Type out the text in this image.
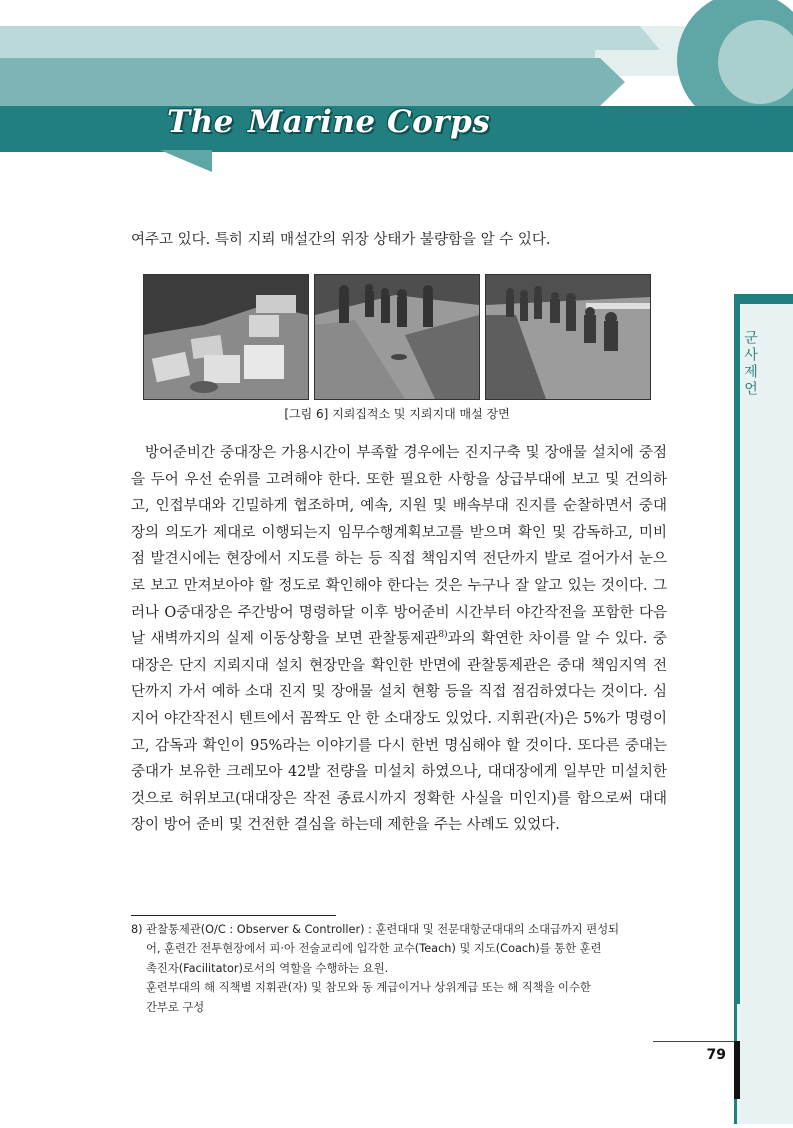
The Marine Corps
여주고 있다. 특히 지뢰 매설간의 위장 상태가 불량함을 알 수 있다.
[그림 6] 지뢰집적소 및 지뢰지대 매설 장면

방어준비간 중대장은 가용시간이 부족할 경우에는 진지구축 및 장애물 설치에 중점을 두어 우선 순위를 고려해야 한다. 또한 필요한 사항을 상급부대에 보고 및 건의하고, 인접부대와 긴밀하게 협조하며, 예속, 지원 및 배속부대 진지를 순찰하면서 중대장의 의도가 제대로 이행되는지 임무수행계획보고를 받으며 확인 및 감독하고, 미비점 발견시에는 현장에서 지도를 하는 등 직접 책임지역 전단까지 발로 걸어가서 눈으로 보고 만져보아야 할 정도로 확인해야 한다는 것은 누구나 잘 알고 있는 것이다. 그러나 O중대장은 주간방어 명령하달 이후 방어준비 시간부터 야간작전을 포함한 다음날 새벽까지의 실제 이동상황을 보면 관찰통제관$^{8)}$과의 확연한 차이를 알 수 있다. 중대장은 단지 지뢰지대 설치 현장만을 확인한 반면에 관찰통제관은 중대 책임지역 전단까지 가서 예하 소대 진지 및 장애물 설치 현황 등을 직접 점검하였다는 것이다. 심지어 야간작전시 텐트에서 꼼짝도 안 한 소대장도 있었다. 지휘관(자)은 5%가 명령이고, 감독과 확인이 95%라는 이야기를 다시 한번 명심해야 할 것이다. 또다른 중대는 중대가 보유한 크레모아 42발 전량을 미설치 하였으나, 대대장에게 일부만 미설치한 것으로 허위보고(대대장은 작전 종료시까지 정확한 사실을 미인지)를 함으로써 대대장이 방어 준비 및 건전한 결심을 하는데 제한을 주는 사례도 있었다.

8) 관찰통제관(O/C : Observer & Controller) : 훈련대대 및 전문대항군대대의 소대급까지 편성되
어, 훈련간 전투현장에서 피·아 전술교리에 입각한 교수(Teach) 및 지도(Coach)를 통한 훈련
촉진자(Facilitator)로서의 역할을 수행하는 요원.
훈련부대의 해 직책별 지휘관(자) 및 참모와 동 계급이거나 상위계급 또는 해 직책을 이수한
간부로 구성
군사제언
79
